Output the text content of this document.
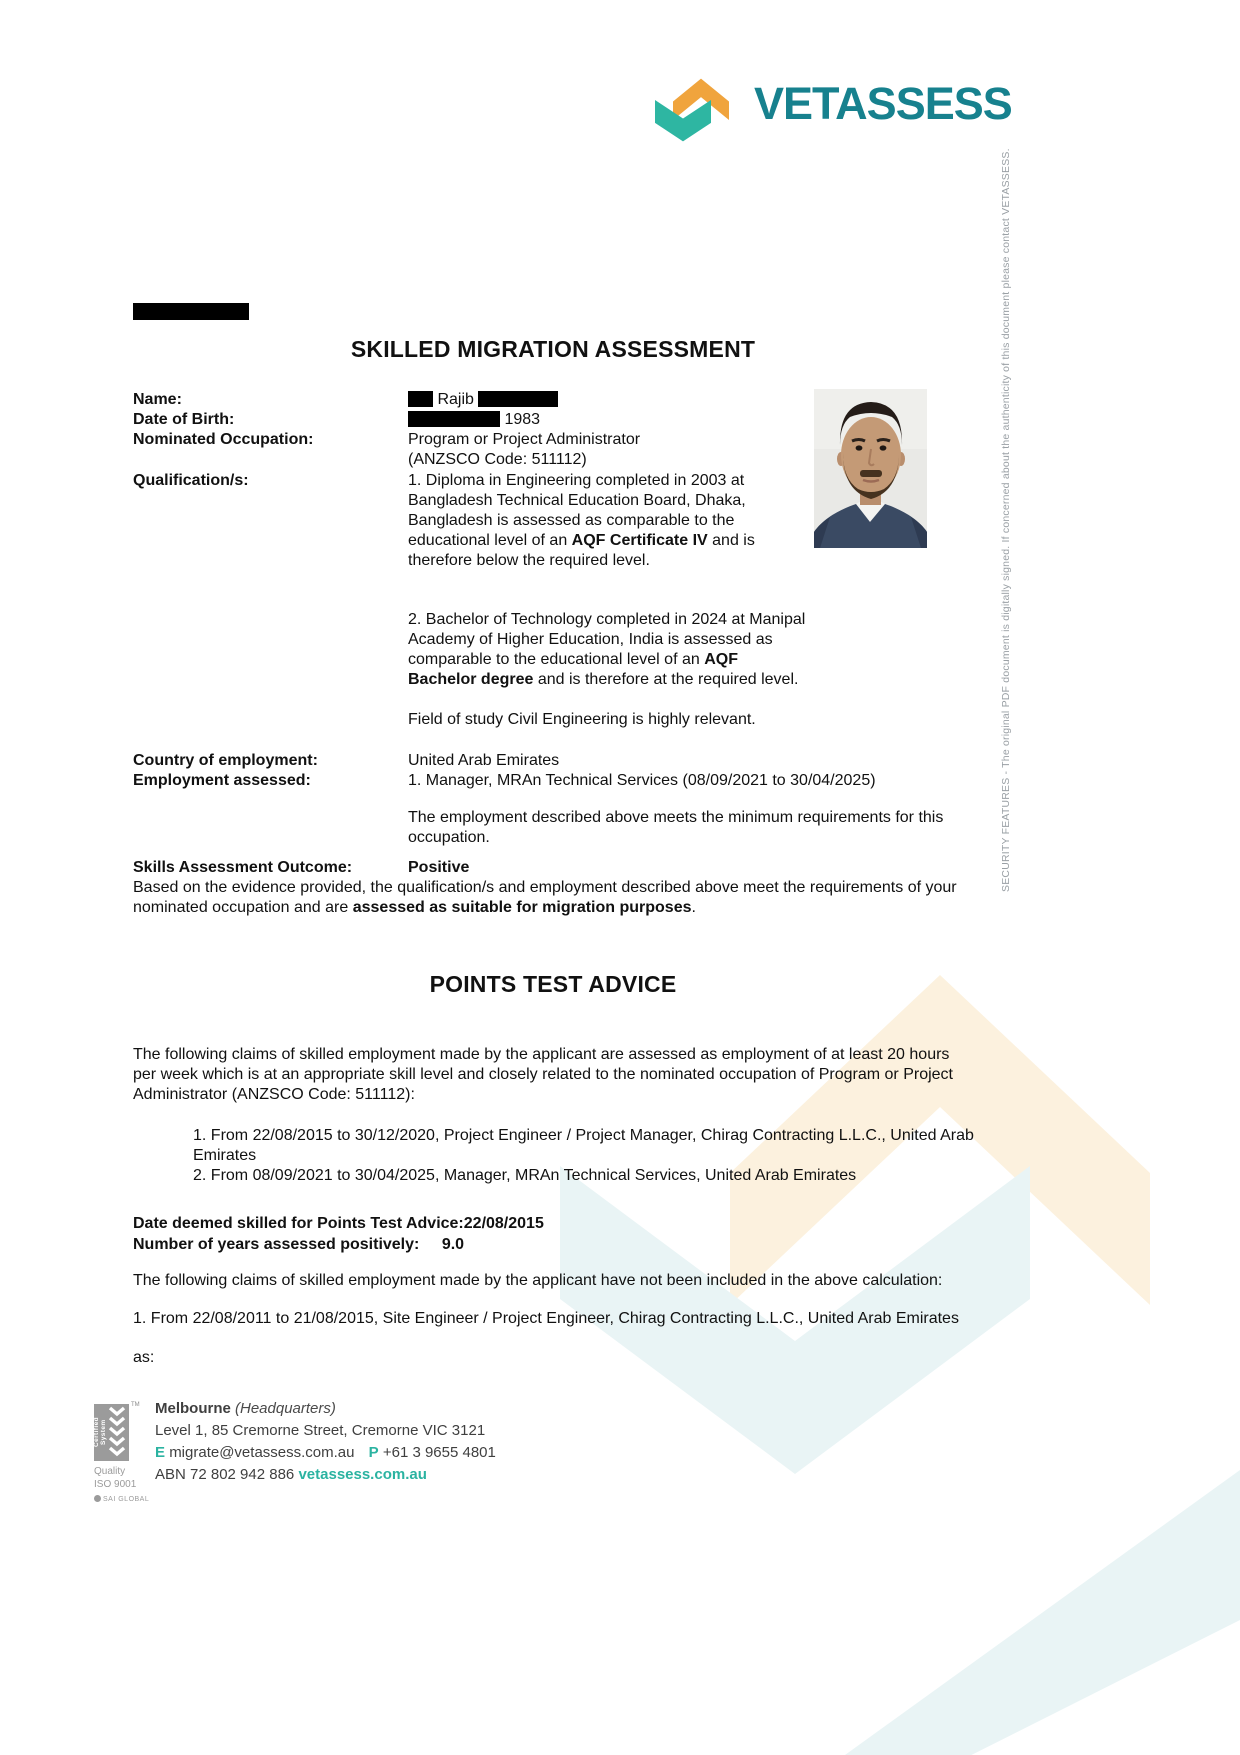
VETASSESS
SECURITY FEATURES - The original PDF document is digitally signed. If concerned about the authenticity of this document please contact VETASSESS.
SKILLED MIGRATION ASSESSMENT
Name:	Rajib
Date of Birth:	1983
Nominated Occupation:	Program or Project Administrator
(ANZSCO Code: 511112)
Qualification/s:	1. Diploma in Engineering completed in 2003 at
Bangladesh Technical Education Board, Dhaka,
Bangladesh is assessed as comparable to the
educational level of an AQF Certificate IV and is
therefore below the required level.
2. Bachelor of Technology completed in 2024 at Manipal
Academy of Higher Education, India is assessed as
comparable to the educational level of an AQF
Bachelor degree and is therefore at the required level.
Field of study Civil Engineering is highly relevant.
Country of employment:	United Arab Emirates
Employment assessed:	1. Manager, MRAn Technical Services (08/09/2021 to 30/04/2025)
The employment described above meets the minimum requirements for this
occupation.
Skills Assessment Outcome:	Positive
Based on the evidence provided, the qualification/s and employment described above meet the requirements of your
nominated occupation and are assessed as suitable for migration purposes.
POINTS TEST ADVICE
The following claims of skilled employment made by the applicant are assessed as employment of at least 20 hours
per week which is at an appropriate skill level and closely related to the nominated occupation of Program or Project
Administrator (ANZSCO Code: 511112):
1. From 22/08/2015 to 30/12/2020, Project Engineer / Project Manager, Chirag Contracting L.L.C., United Arab
Emirates
2. From 08/09/2021 to 30/04/2025, Manager, MRAn Technical Services, United Arab Emirates
Date deemed skilled for Points Test Advice:22/08/2015
Number of years assessed positively: 9.0
The following claims of skilled employment made by the applicant have not been included in the above calculation:
1. From 22/08/2011 to 21/08/2015, Site Engineer / Project Engineer, Chirag Contracting L.L.C., United Arab Emirates
as:
Certified System
TM
Quality
ISO 9001
SAI GLOBAL
Melbourne (Headquarters)
Level 1, 85 Cremorne Street, Cremorne VIC 3121
E migrate@vetassess.com.au P +61 3 9655 4801
ABN 72 802 942 886 vetassess.com.au
